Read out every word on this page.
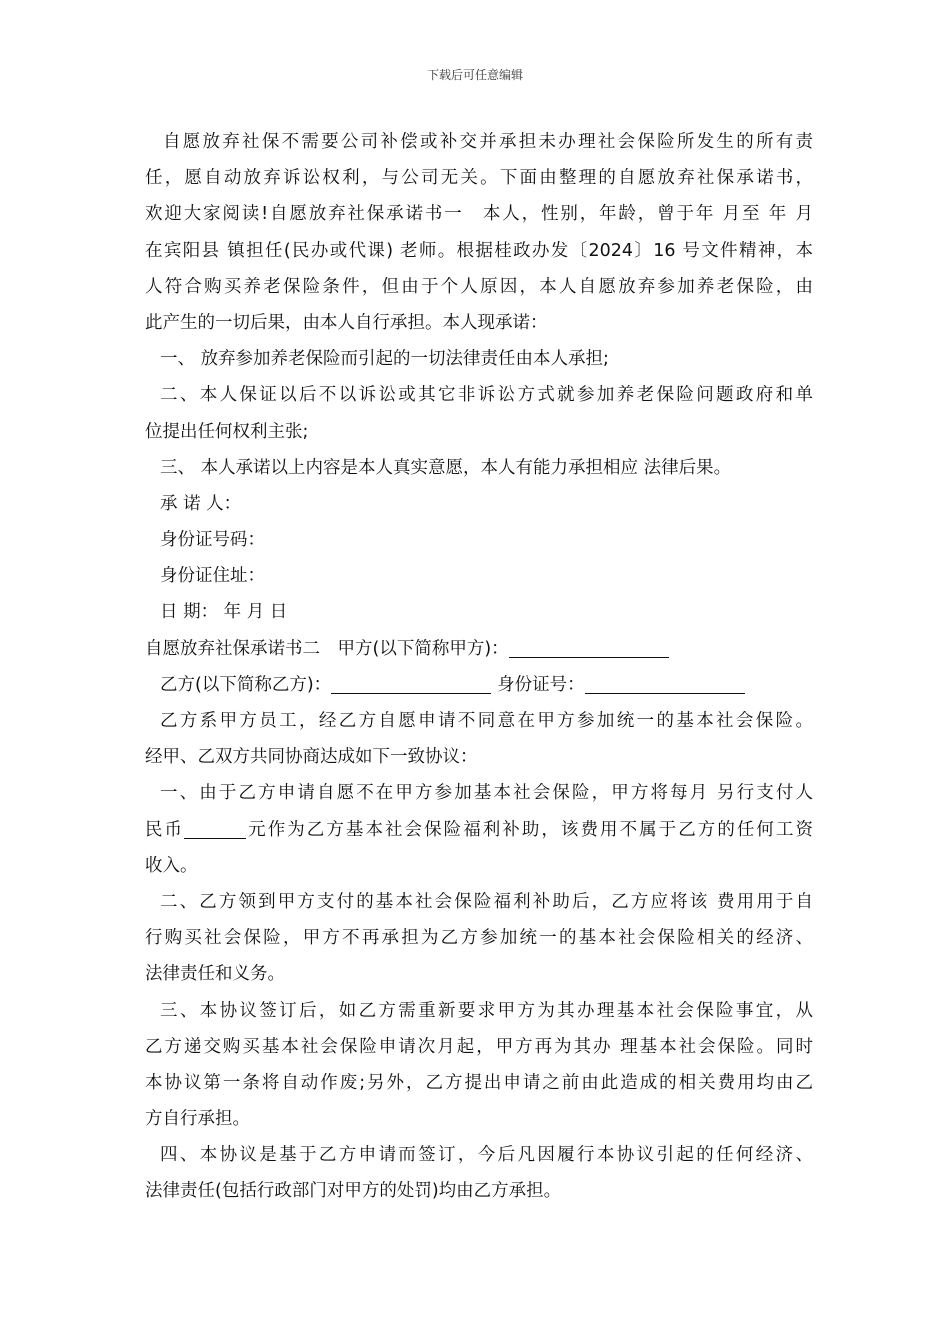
下载后可任意编辑
自愿放弃社保不需要公司补偿或补交并承担未办理社会保险所发生的所有责
任，愿自动放弃诉讼权利，与公司无关。下面由整理的自愿放弃社保承诺书，
欢迎大家阅读!自愿放弃社保承诺书一　本人，性别，年龄，曾于年 月至 年 月
在宾阳县 镇担任(民办或代课) 老师。根据桂政办发〔2024〕16 号文件精神，本
人符合购买养老保险条件，但由于个人原因，本人自愿放弃参加养老保险，由
此产生的一切后果，由本人自行承担。本人现承诺：
一、 放弃参加养老保险而引起的一切法律责任由本人承担;
二、本人保证以后不以诉讼或其它非诉讼方式就参加养老保险问题政府和单
位提出任何权利主张;
三、 本人承诺以上内容是本人真实意愿，本人有能力承担相应 法律后果。
承 诺 人：
身份证号码：
身份证住址：
日 期： 年 月 日
自愿放弃社保承诺书二　甲方(以下简称甲方)：
乙方(以下简称乙方)：	身份证号：
乙方系甲方员工，经乙方自愿申请不同意在甲方参加统一的基本社会保险。
经甲、乙双方共同协商达成如下一致协议：
一、由于乙方申请自愿不在甲方参加基本社会保险，甲方将每月 另行支付人
民币	元作为乙方基本社会保险福利补助，该费用不属于乙方的任何工资
收入。
二、乙方领到甲方支付的基本社会保险福利补助后，乙方应将该 费用用于自
行购买社会保险，甲方不再承担为乙方参加统一的基本社会保险相关的经济、
法律责任和义务。
三、本协议签订后，如乙方需重新要求甲方为其办理基本社会保险事宜，从
乙方递交购买基本社会保险申请次月起，甲方再为其办 理基本社会保险。同时
本协议第一条将自动作废;另外，乙方提出申请之前由此造成的相关费用均由乙
方自行承担。
四、本协议是基于乙方申请而签订，今后凡因履行本协议引起的任何经济、
法律责任(包括行政部门对甲方的处罚)均由乙方承担。
